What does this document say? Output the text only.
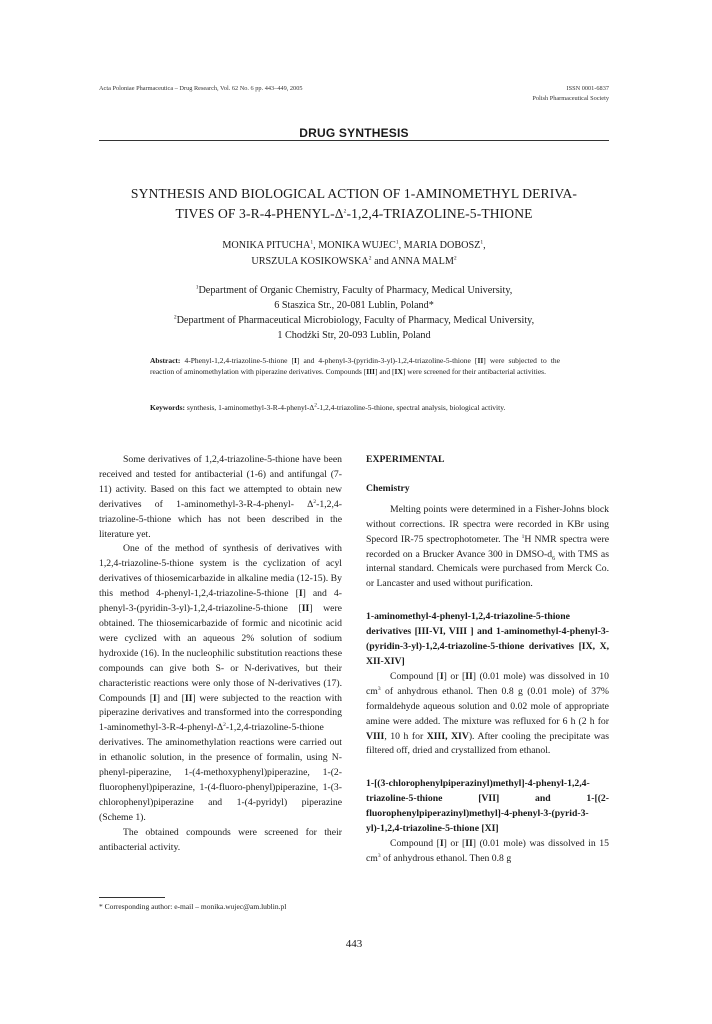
Acta Poloniae Pharmaceutica – Drug Research, Vol. 62 No. 6 pp. 443–449, 2005	ISSN 0001-6837
Polish Pharmaceutical Society
DRUG SYNTHESIS
SYNTHESIS AND BIOLOGICAL ACTION OF 1-AMINOMETHYL DERIVA-
TIVES OF $3-R-4-PHENYL-\Delta^2-1,2,4-TRIAZOLINE-5$-THIONE
MONIKA PITUCHA$^1$, MONIKA WUJEC$^1$, MARIA DOBOSZ$^1$,
URSZULA KOSIKOWSKA$^2$ and ANNA MALM$^2$
$^1$Department of Organic Chemistry, Faculty of Pharmacy, Medical University,
6 Staszica Str., 20-081 Lublin, Poland*
$^2$Department of Pharmaceutical Microbiology, Faculty of Pharmacy, Medical University,
1 Chodźki Str, 20-093 Lublin, Poland
Abstract: 4-Phenyl-1,2,4-triazoline-5-thione [I] and 4-phenyl-3-(pyridin-3-yl)-1,2,4-triazoline-5-thione [II] were subjected to the reaction of aminomethylation with piperazine derivatives. Compounds [III] and [IX] were screened for their antibacterial activities.
Keywords: synthesis, $1-aminomethyl-3-R-4-phenyl-\Delta^2-1,2,4-triazoline-5$-thione, spectral analysis, biological activity.

Some derivatives of 1,2,4-triazoline-5-thione have been received and tested for antibacterial (1-6) and antifungal (7-11) activity. Based on this fact we attempted to obtain new derivatives of 1-aminomethyl-3-R-4-phenyl- $\Delta^2-1,2,4-triazoline-5$-thione which has not been described in the literature yet.

One of the method of synthesis of derivatives with 1,2,4-triazoline-5-thione system is the cyclization of acyl derivatives of thiosemicarbazide in alkaline media (12-15). By this method 4-phenyl-1,2,4-triazoline-5-thione [I] and 4-phenyl-3-(pyridin-3-yl)-1,2,4-triazoline-5-thione [II] were obtained. The thiosemicarbazide of formic and nicotinic acid were cyclized with an aqueous 2% solution of sodium hydroxide (16). In the nucleophilic substitution reactions these compounds can give both S- or N-derivatives, but their characteristic reactions were only those of N-derivatives (17). Compounds [I] and [II] were subjected to the reaction with piperazine derivatives and transformed into the corresponding $1-aminomethyl-3-R-4-phenyl-\Delta^2-1,2,4-triazoline-5$-thione derivatives. The aminomethylation reactions were carried out in ethanolic solution, in the presence of formalin, using N-phenyl-piperazine, 1-(4-methoxyphenyl)piperazine, 1-(2-fluorophenyl)piperazine, 1-(4-fluoro-phenyl)piperazine, 1-(3-chlorophenyl)piperazine and 1-(4-pyridyl) piperazine (Scheme 1).

The obtained compounds were screened for their antibacterial activity.

EXPERIMENTAL
Chemistry

Melting points were determined in a Fisher-Johns block without corrections. IR spectra were recorded in KBr using Specord IR-75 spectrophotometer. The $^1$H NMR spectra were recorded on a Brucker Avance 300 in DMSO-$d_6$ with TMS as internal standard. Chemicals were purchased from Merck Co. or Lancaster and used without purification.

1-aminomethyl-4-phenyl-1,2,4-triazoline-5-thione derivatives [III-VI, VIII ] and 1-aminomethyl-4-phenyl-3-(pyridin-3-yl)-1,2,4-triazoline-5-thione derivatives [IX, X, XII-XIV]

Compound [I] or [II] (0.01 mole) was dissolved in 10 $cm^3$ of anhydrous ethanol. Then 0.8 g (0.01 mole) of 37% formaldehyde aqueous solution and 0.02 mole of appropriate amine were added. The mixture was refluxed for 6 h (2 h for VIII, 10 h for XIII, XIV). After cooling the precipitate was filtered off, dried and crystallized from ethanol.

1-[(3-chlorophenylpiperazinyl)methyl]-4-phenyl-1,2,4-triazoline-5-thione [VII] and 1-[(2-fluorophenylpiperazinyl)methyl]-4-phenyl-3-(pyrid-3-yl)-1,2,4-triazoline-5-thione [XI]

Compound [I] or [II] (0.01 mole) was dissolved in 15 $cm^3$ of anhydrous ethanol. Then 0.8 g

* Corresponding author: e-mail – monika.wujec@am.lublin.pl
443
